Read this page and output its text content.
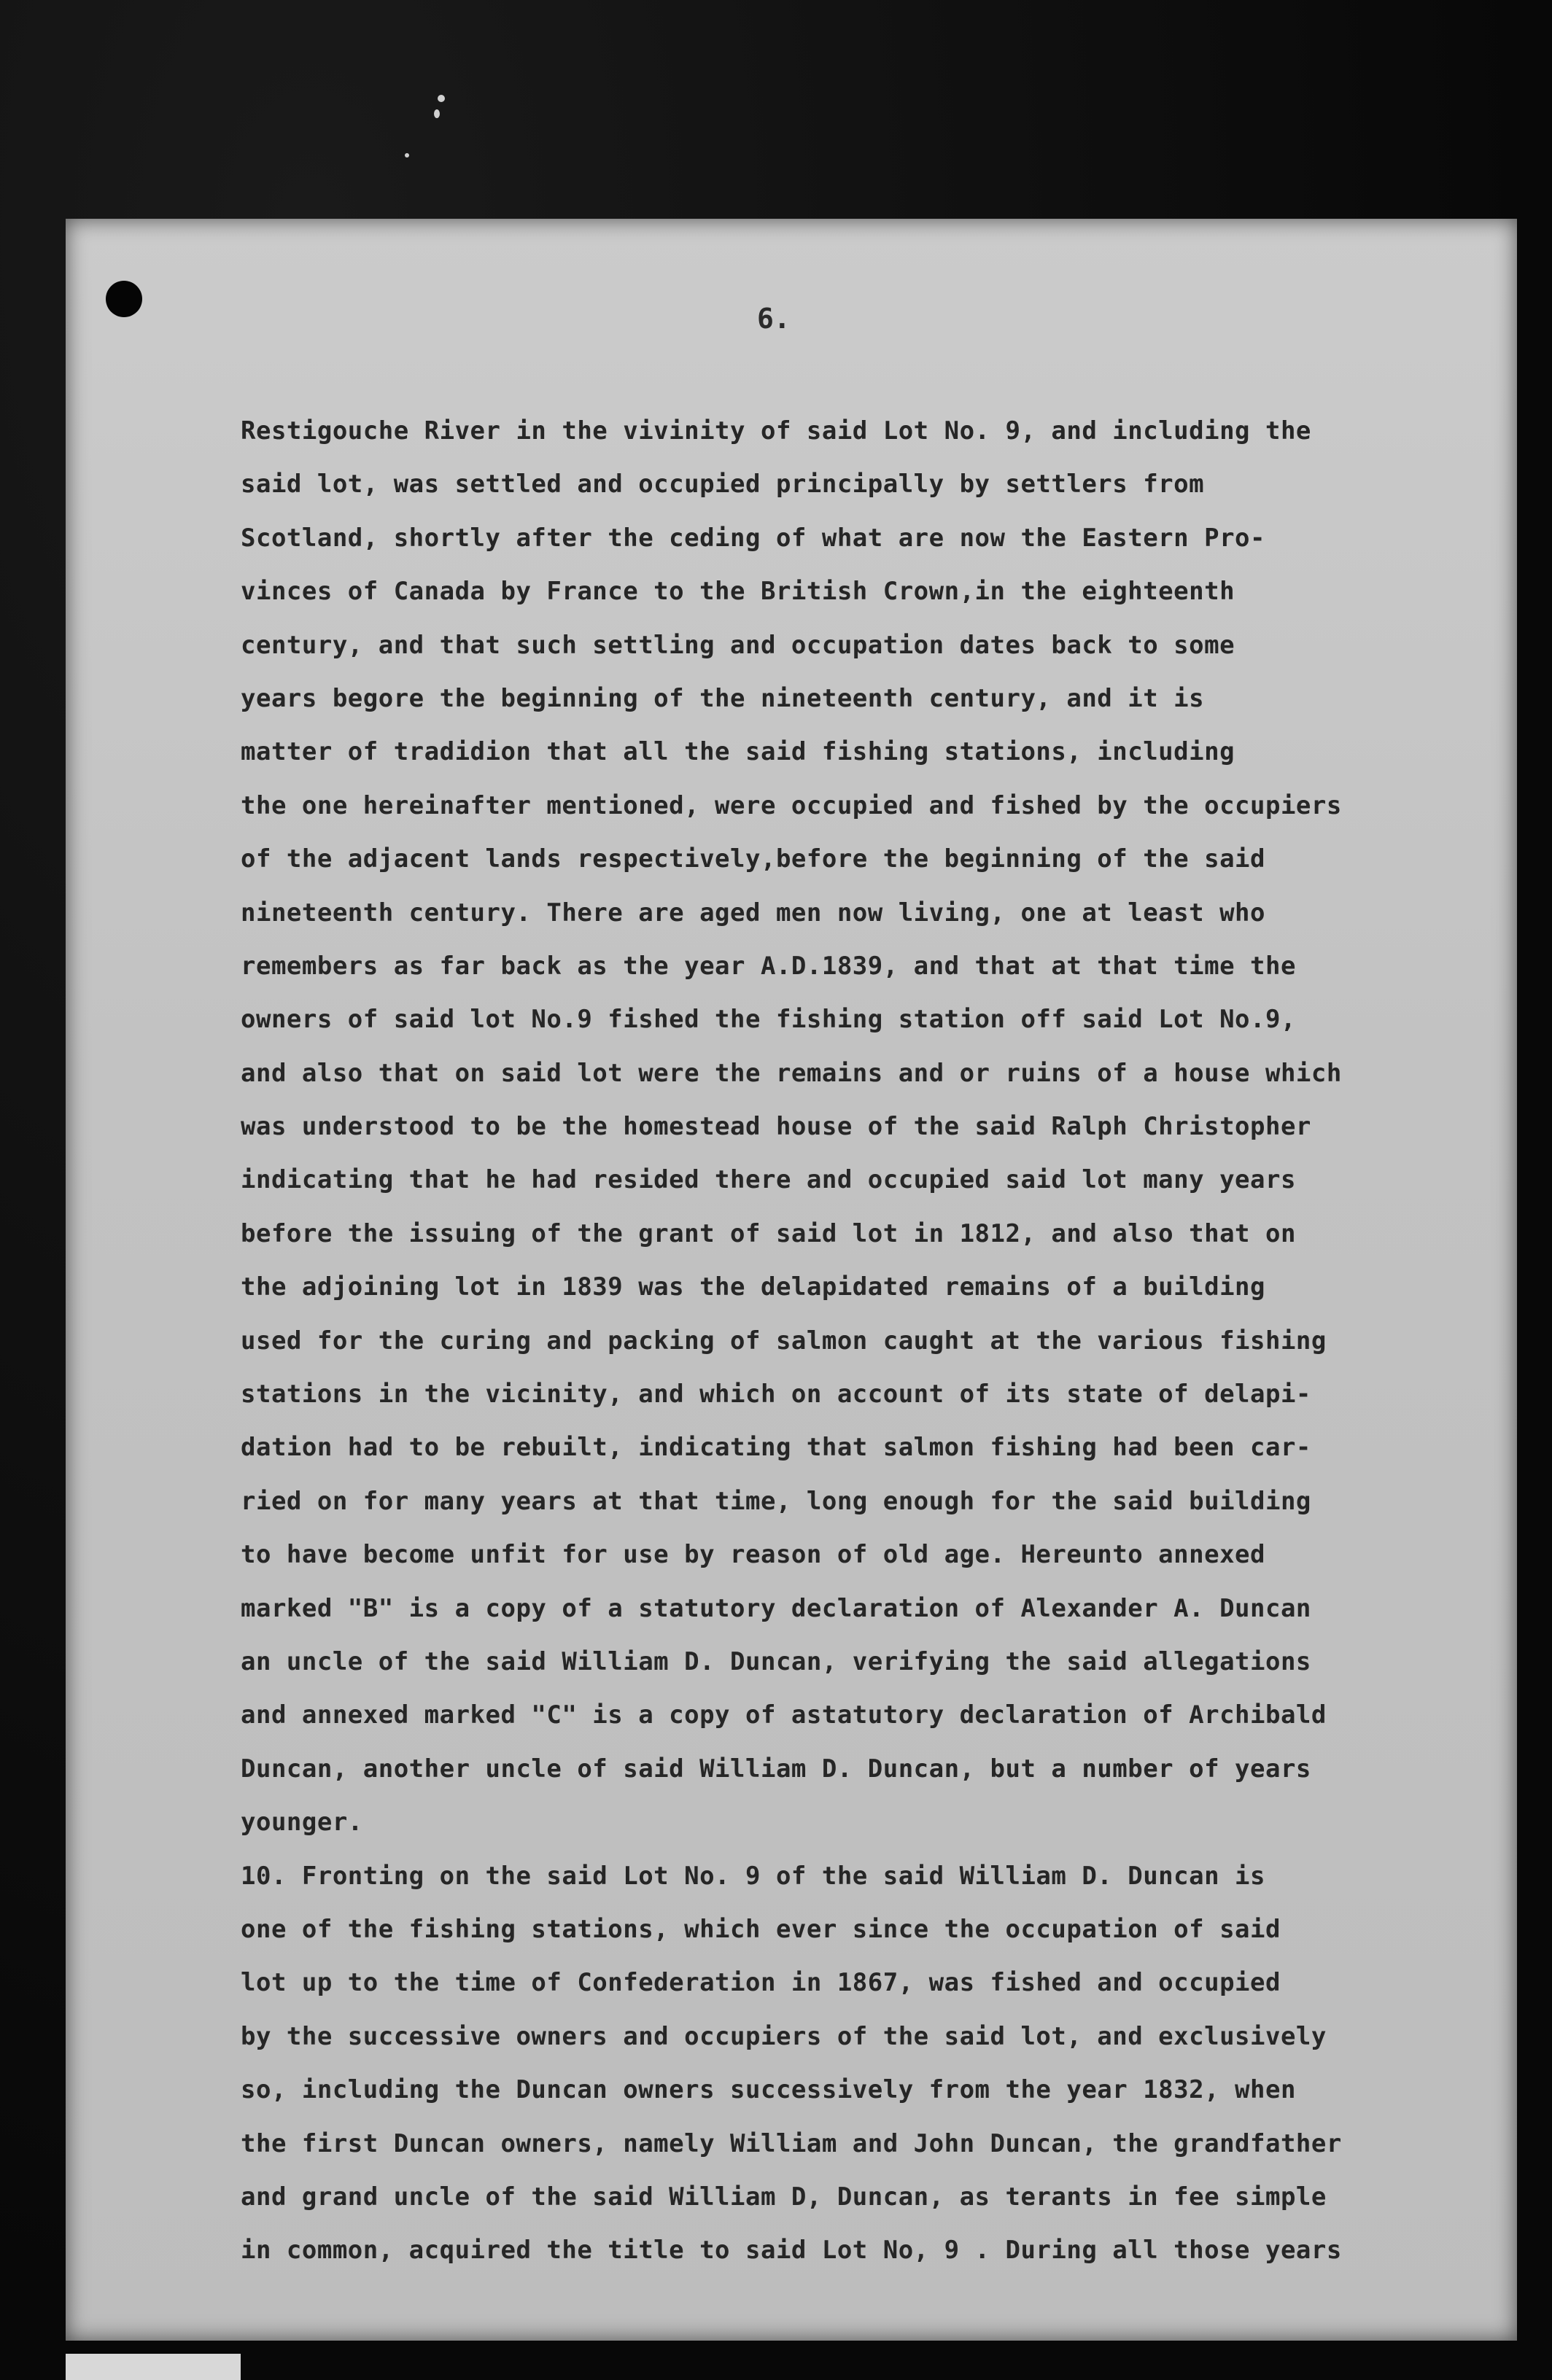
6.
Restigouche River in the vivinity of said Lot No. 9, and including the
said lot, was settled and occupied principally by settlers from
Scotland, shortly after the ceding of what are now the Eastern Pro-
vinces of Canada by France to the British Crown,in the eighteenth
century, and that such settling and occupation dates back to some
years begore the beginning of the nineteenth century, and it is
matter of tradidion that all the said fishing stations, including
the one hereinafter mentioned, were occupied and fished by the occupiers
of the adjacent lands respectively,before the beginning of the said
nineteenth century. There are aged men now living, one at least who
remembers as far back as the year A.D.1839, and that at that time the
owners of said lot No.9 fished the fishing station off said Lot No.9,
and also that on said lot were the remains and or ruins of a house which
was understood to be the homestead house of the said Ralph Christopher
indicating that he had resided there and occupied said lot many years
before the issuing of the grant of said lot in 1812, and also that on
the adjoining lot in 1839 was the delapidated remains of a building
used for the curing and packing of salmon caught at the various fishing
stations in the vicinity, and which on account of its state of delapi-
dation had to be rebuilt, indicating that salmon fishing had been car-
ried on for many years at that time, long enough for the said building
to have become unfit for use by reason of old age. Hereunto annexed
marked "B" is a copy of a statutory declaration of Alexander A. Duncan
an uncle of the said William D. Duncan, verifying the said allegations
and annexed marked "C" is a copy of astatutory declaration of Archibald
Duncan, another uncle of said William D. Duncan, but a number of years
younger.
10. Fronting on the said Lot No. 9 of the said William D. Duncan is
one of the fishing stations, which ever since the occupation of said
lot up to the time of Confederation in 1867, was fished and occupied
by the successive owners and occupiers of the said lot, and exclusively
so, including the Duncan owners successively from the year 1832, when
the first Duncan owners, namely William and John Duncan, the grandfather
and grand uncle of the said William D, Duncan, as terants in fee simple
in common, acquired the title to said Lot No, 9 . During all those years
